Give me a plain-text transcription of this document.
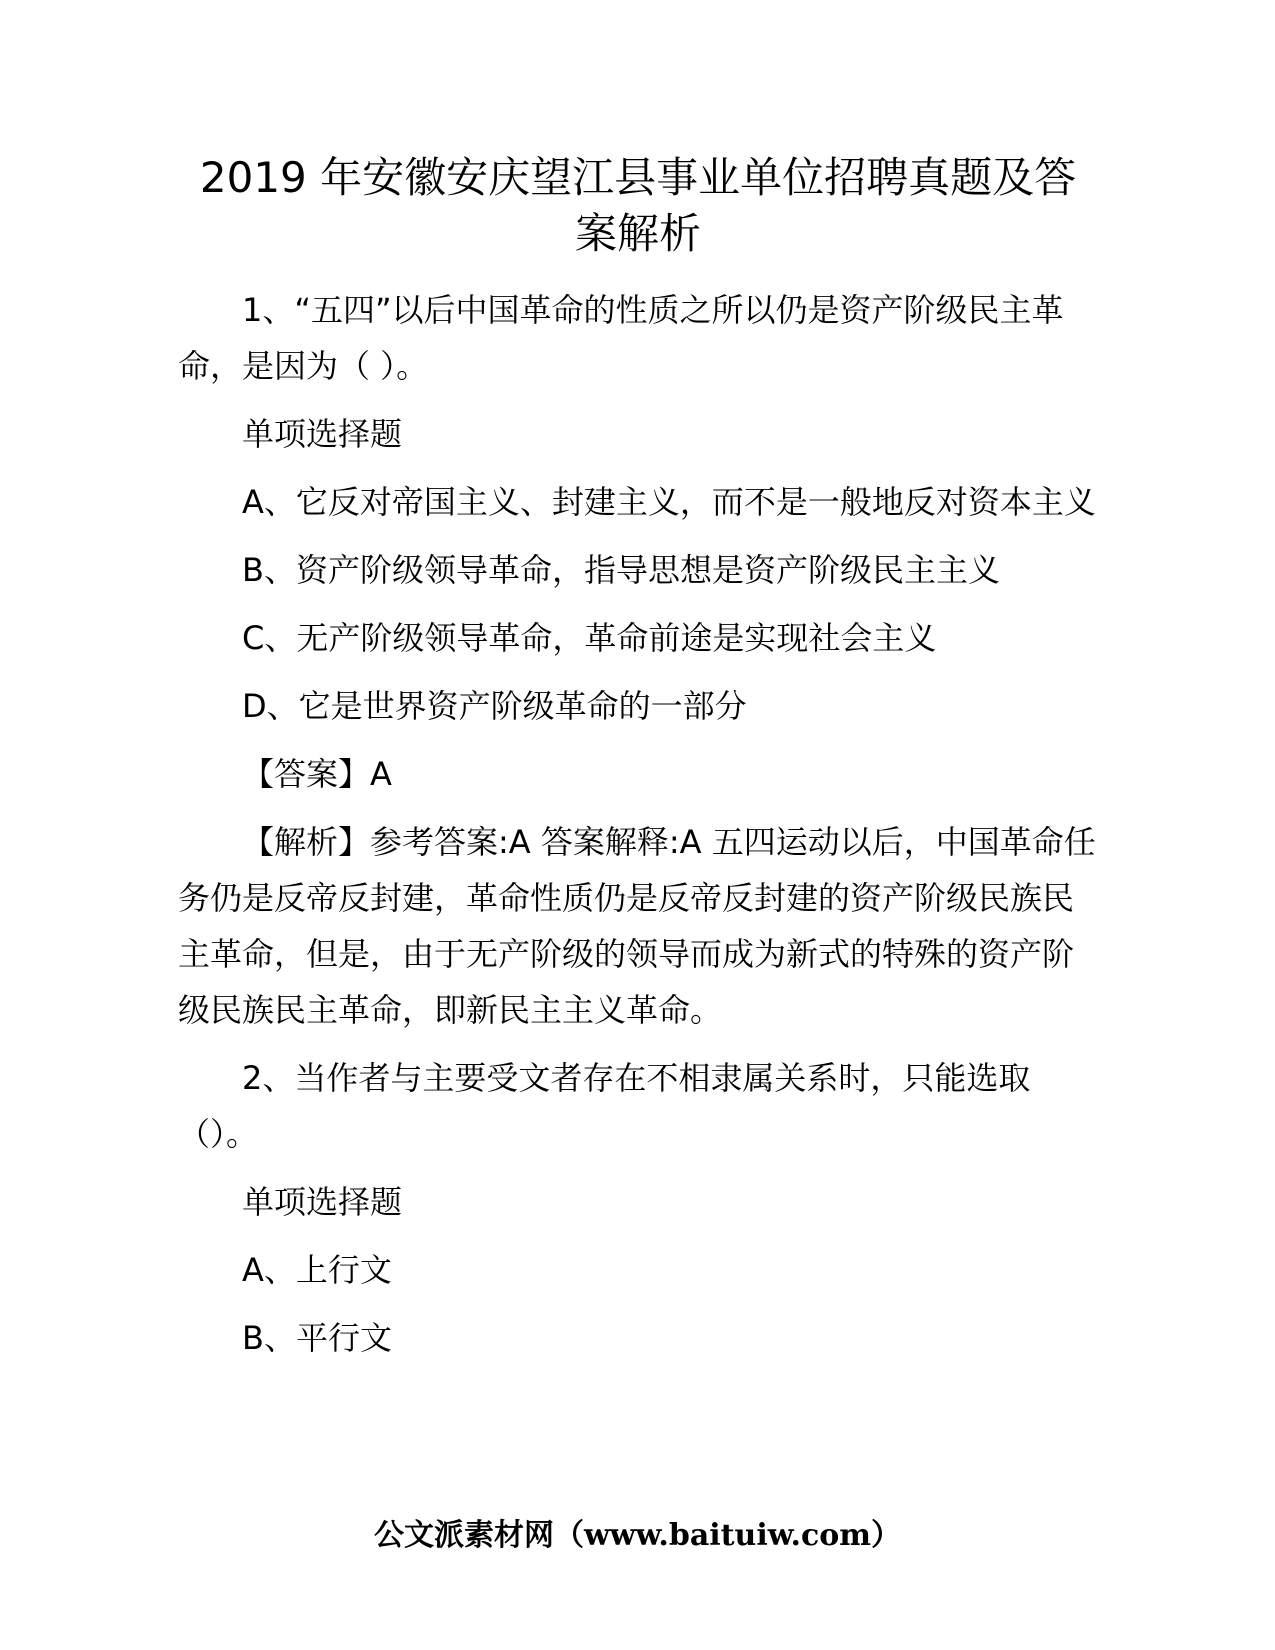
2019 年安徽安庆望江县事业单位招聘真题及答
案解析

1、“五四”以后中国革命的性质之所以仍是资产阶级民主革命，是因为（ ）。

单项选择题

A、它反对帝国主义、封建主义，而不是一般地反对资本主义

B、资产阶级领导革命，指导思想是资产阶级民主主义

C、无产阶级领导革命，革命前途是实现社会主义

D、它是世界资产阶级革命的一部分

【答案】A

【解析】参考答案:A 答案解释:A 五四运动以后，中国革命任务仍是反帝反封建，革命性质仍是反帝反封建的资产阶级民族民主革命，但是，由于无产阶级的领导而成为新式的特殊的资产阶级民族民主革命，即新民主主义革命。

2、当作者与主要受文者存在不相隶属关系时，只能选取（）。

单项选择题

A、上行文

B、平行文

公文派素材网（www.baituiw.com）
